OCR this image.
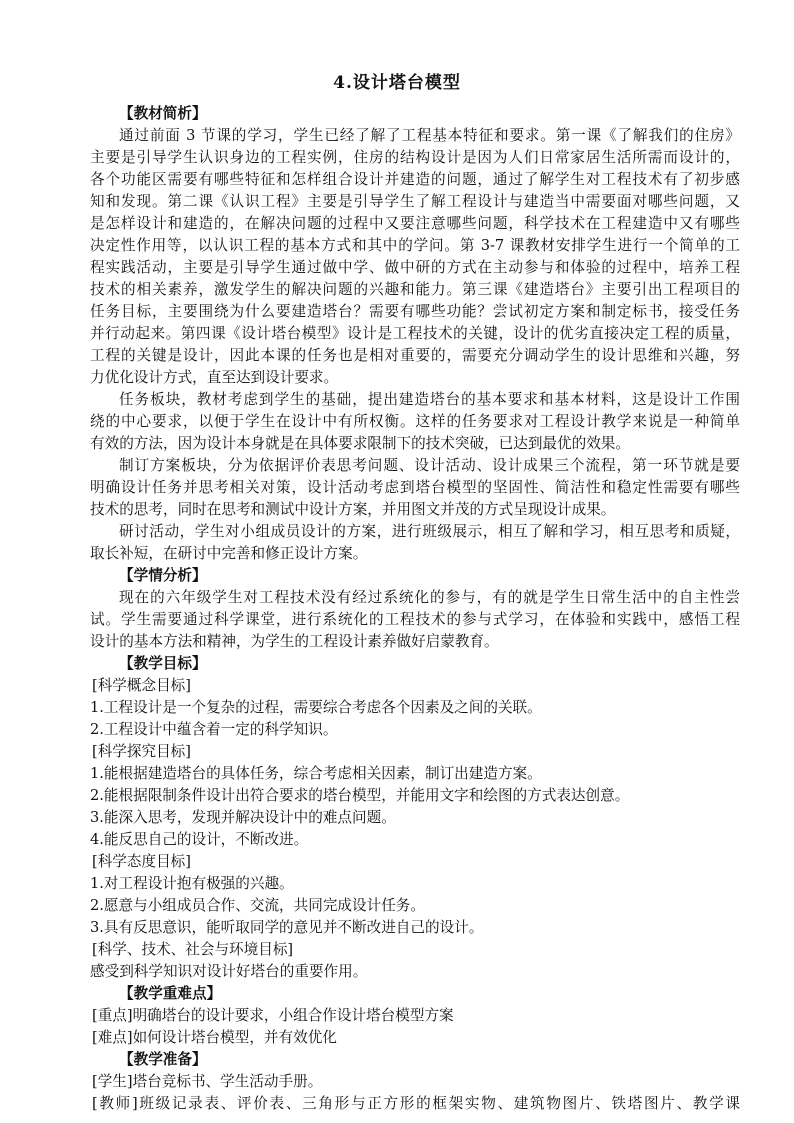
4.设计塔台模型
【教材简析】
通过前面 3 节课的学习，学生已经了解了工程基本特征和要求。第一课《了解我们的住房》
主要是引导学生认识身边的工程实例，住房的结构设计是因为人们日常家居生活所需而设计的，
各个功能区需要有哪些特征和怎样组合设计并建造的问题，通过了解学生对工程技术有了初步感
知和发现。第二课《认识工程》主要是引导学生了解工程设计与建造当中需要面对哪些问题，又
是怎样设计和建造的，在解决问题的过程中又要注意哪些问题，科学技术在工程建造中又有哪些
决定性作用等，以认识工程的基本方式和其中的学问。第 3-7 课教材安排学生进行一个简单的工
程实践活动，主要是引导学生通过做中学、做中研的方式在主动参与和体验的过程中，培养工程
技术的相关素养，激发学生的解决问题的兴趣和能力。第三课《建造塔台》主要引出工程项目的
任务目标，主要围绕为什么要建造塔台？需要有哪些功能？尝试初定方案和制定标书，接受任务
并行动起来。第四课《设计塔台模型》设计是工程技术的关键，设计的优劣直接决定工程的质量，
工程的关键是设计，因此本课的任务也是相对重要的，需要充分调动学生的设计思维和兴趣，努
力优化设计方式，直至达到设计要求。
任务板块，教材考虑到学生的基础，提出建造塔台的基本要求和基本材料，这是设计工作围
绕的中心要求，以便于学生在设计中有所权衡。这样的任务要求对工程设计教学来说是一种简单
有效的方法，因为设计本身就是在具体要求限制下的技术突破，已达到最优的效果。
制订方案板块，分为依据评价表思考问题、设计活动、设计成果三个流程，第一环节就是要
明确设计任务并思考相关对策，设计活动考虑到塔台模型的坚固性、简洁性和稳定性需要有哪些
技术的思考，同时在思考和测试中设计方案，并用图文并茂的方式呈现设计成果。
研讨活动，学生对小组成员设计的方案，进行班级展示，相互了解和学习，相互思考和质疑，
取长补短，在研讨中完善和修正设计方案。
【学情分析】
现在的六年级学生对工程技术没有经过系统化的参与，有的就是学生日常生活中的自主性尝
试。学生需要通过科学课堂，进行系统化的工程技术的参与式学习，在体验和实践中，感悟工程
设计的基本方法和精神，为学生的工程设计素养做好启蒙教育。
【教学目标】
[科学概念目标]
1.工程设计是一个复杂的过程，需要综合考虑各个因素及之间的关联。
2.工程设计中蕴含着一定的科学知识。
[科学探究目标]
1.能根据建造塔台的具体任务，综合考虑相关因素，制订出建造方案。
2.能根据限制条件设计出符合要求的塔台模型，并能用文字和绘图的方式表达创意。
3.能深入思考，发现并解决设计中的难点问题。
4.能反思自己的设计，不断改进。
[科学态度目标]
1.对工程设计抱有极强的兴趣。
2.愿意与小组成员合作、交流，共同完成设计任务。
3.具有反思意识，能听取同学的意见并不断改进自己的设计。
[科学、技术、社会与环境目标]
感受到科学知识对设计好塔台的重要作用。
【教学重难点】
[重点]明确塔台的设计要求，小组合作设计塔台模型方案
[难点]如何设计塔台模型，并有效优化
【教学准备】
[学生]塔台竞标书、学生活动手册。
[教师]班级记录表、评价表、三角形与正方形的框架实物、建筑物图片、铁塔图片、教学课
